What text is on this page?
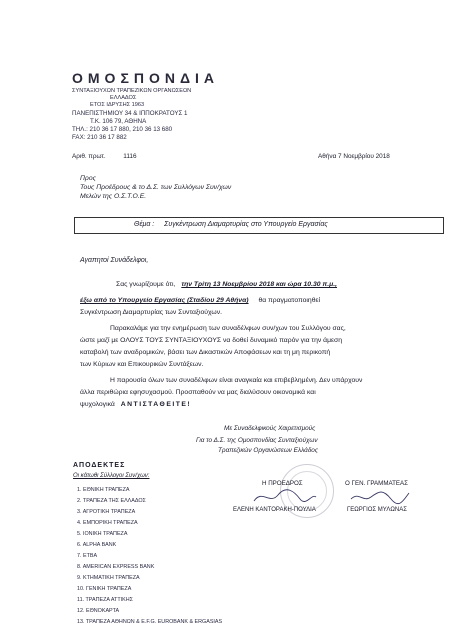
ΟΜΟΣΠΟΝΔΙΑ
ΣΥΝΤΑΞΙΟΥΧΩΝ ΤΡΑΠΕΖΙΚΩΝ ΟΡΓΑΝΩΣΕΩΝ
ΕΛΛΑΔΟΣ
ΕΤΟΣ ΙΔΡΥΣΗΣ 1963
ΠΑΝΕΠΙΣΤΗΜΙΟΥ 34 & ΙΠΠΟΚΡΑΤΟΥΣ 1
Τ.Κ. 106 79, ΑΘΗΝΑ
ΤΗΛ.: 210 36 17 880, 210 36 13 680
FAX: 210 36 17 882
Αριθ. πρωτ.	1116	Αθήνα 7 Νοεμβρίου 2018
Προς
Τους Προέδρους & το Δ.Σ. των Συλλόγων Συν/χων
Μελών της Ο.Σ.Τ.Ο.Ε.
Θέμα : Συγκέντρωση Διαμαρτυρίας στο Υπουργείο Εργασίας
Αγαπητοί Συνάδελφοι,
Σας γνωρίζουμε ότι, την Τρίτη 13 Νοεμβρίου 2018 και ώρα 10.30 π.μ.,
έξω από το Υπουργείο Εργασίας (Σταδίου 29 Αθήνα) θα πραγματοποιηθεί
Συγκέντρωση Διαμαρτυρίας των Συνταξιούχων.
Παρακαλάμε για την ενημέρωση των συναδέλφων συν/χων του Συλλόγου σας,
ώστε μαζί με ΟΛΟΥΣ ΤΟΥΣ ΣΥΝΤΑΞΙΟΥΧΟΥΣ να δοθεί δυναμικό παρόν για την άμεση
καταβολή των αναδρομικών, βάσει των Δικαστικών Αποφάσεων και τη μη περικοπή
των Κύριων και Επικουρικών Συντάξεων.
Η παρουσία όλων των συναδέλφων είναι αναγκαία και επιβεβλημένη. Δεν υπάρχουν
άλλα περιθώρια εφησυχασμού. Προσπαθούν να μας διαλύσουν οικονομικά και
ψυχολογικά ΑΝΤΙΣΤΑΘΕΙΤΕ!
Με Συναδελφικούς Χαιρετισμούς
Για το Δ.Σ. της Ομοσπονδίας Συνταξιούχων
Τραπεζικών Οργανώσεων Ελλάδος
ΑΠΟΔΕΚΤΕΣ
Οι κάτωθι Σύλλογοι Συν/χων:
1. ΕΘΝΙΚΗ ΤΡΑΠΕΖΑ
2. ΤΡΑΠΕΖΑ ΤΗΣ ΕΛΛΑΔΟΣ
3. ΑΓΡΟΤΙΚΗ ΤΡΑΠΕΖΑ
4. ΕΜΠΟΡΙΚΗ ΤΡΑΠΕΖΑ
5. ΙΟΝΙΚΗ ΤΡΑΠΕΖΑ
6. ALPHA BANK
7. ΕΤΒΑ
8. AMERICAN EXPRESS BANK
9. ΚΤΗΜΑΤΙΚΗ ΤΡΑΠΕΖΑ
10. ΓΕΝΙΚΗ ΤΡΑΠΕΖΑ
11. ΤΡΑΠΕΖΑ ΑΤΤΙΚΗΣ
12. ΕΘΝΟΚΑΡΤΑ
13. ΤΡΑΠΕΖΑ ΑΘΗΝΩΝ & E.F.G. EUROBANK & ERGASIAS
Η ΠΡΟΕΔΡΟΣ	Ο ΓΕΝ. ΓΡΑΜΜΑΤΕΑΣ
ΕΛΕΝΗ ΚΑΝΤΟΡΑΚΗ-ΠΟΥΛΙΑ	ΓΕΩΡΓΙΟΣ ΜΥΛΩΝΑΣ
